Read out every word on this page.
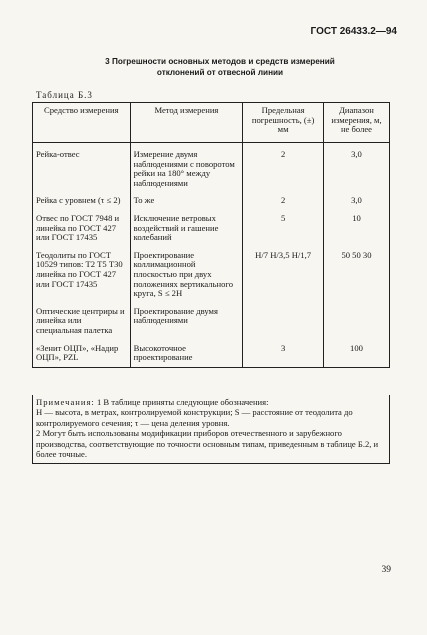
ГОСТ 26433.2—94
3 Погрешности основных методов и средств измерений
отклонений от отвесной линии
Таблица Б.3
Средство измерения	Метод измерения	Предельная погрешность, (±) мм	Диапазон измерения, м, не более
Рейка-отвес	Измерение двумя наблюдениями с поворотом рейки на 180° между наблюдениями	2	3,0
Рейка с уровнем (τ ≤ 2)	То же	2	3,0
Отвес по ГОСТ 7948 и линейка по ГОСТ 427 или ГОСТ 17435	Исключение ветровых воздействий и гашение колебаний	5	10
Теодолиты по ГОСТ 10529 типов: Т2 Т5 Т30 линейка по ГОСТ 427 или ГОСТ 17435	Проектирование коллимационной плоскостью при двух положениях вертикального круга, S ≤ 2H	H/7 H/3,5 H/1,7	50 50 30
Оптические центриры и линейка или специальная палетка	Проектирование двумя наблюдениями		
«Зенит ОЦП», «Надир ОЦП», PZL	Высокоточное проектирование	3	100
Примечания: 1 В таблице приняты следующие обозначения:
H — высота, в метрах, контролируемой конструкции; S — расстояние от теодолита до контролируемого сечения; τ — цена деления уровня.
2 Могут быть использованы модификации приборов отечественного и зарубежного производства, соответствующие по точности основным типам, приведенным в таблице Б.2, и более точные.
39
